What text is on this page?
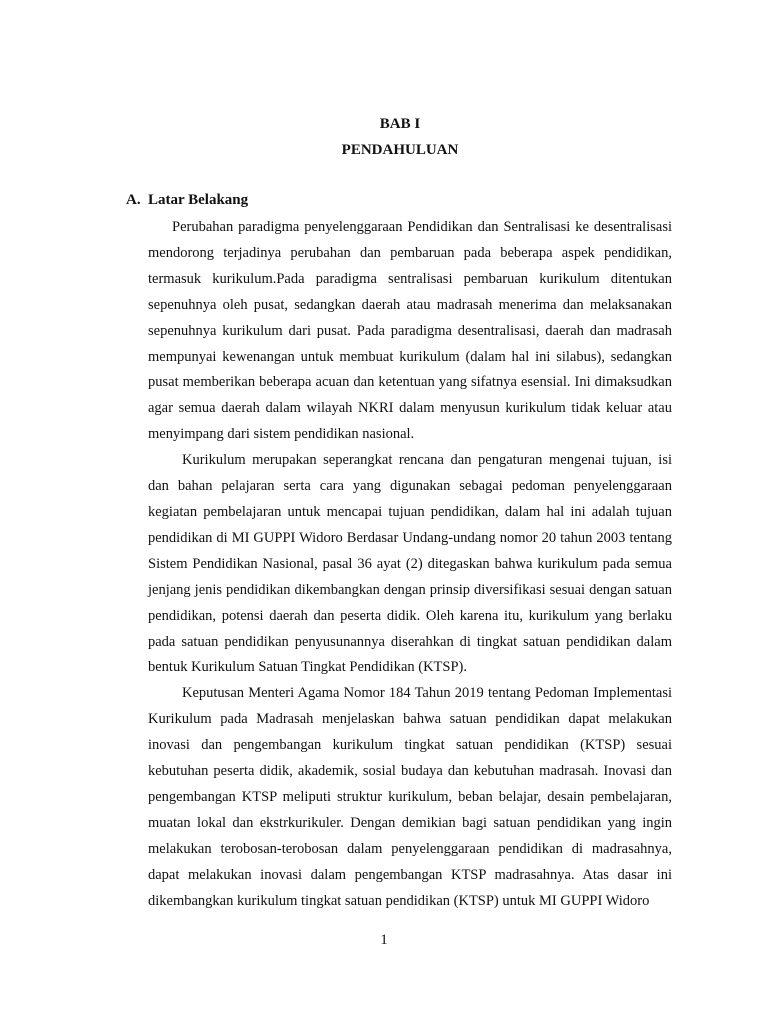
BAB I
PENDAHULUAN
A. Latar Belakang

Perubahan paradigma penyelenggaraan Pendidikan dan Sentralisasi ke desentralisasi mendorong terjadinya perubahan dan pembaruan pada beberapa aspek pendidikan, termasuk kurikulum.Pada paradigma sentralisasi pembaruan kurikulum ditentukan sepenuhnya oleh pusat, sedangkan daerah atau madrasah menerima dan melaksanakan sepenuhnya kurikulum dari pusat. Pada paradigma desentralisasi, daerah dan madrasah mempunyai kewenangan untuk membuat kurikulum (dalam hal ini silabus), sedangkan pusat memberikan beberapa acuan dan ketentuan yang sifatnya esensial. Ini dimaksudkan agar semua daerah dalam wilayah NKRI dalam menyusun kurikulum tidak keluar atau menyimpang dari sistem pendidikan nasional.

Kurikulum merupakan seperangkat rencana dan pengaturan mengenai tujuan, isi dan bahan pelajaran serta cara yang digunakan sebagai pedoman penyelenggaraan kegiatan pembelajaran untuk mencapai tujuan pendidikan, dalam hal ini adalah tujuan pendidikan di MI GUPPI Widoro Berdasar Undang-undang nomor 20 tahun 2003 tentang Sistem Pendidikan Nasional, pasal 36 ayat (2) ditegaskan bahwa kurikulum pada semua jenjang jenis pendidikan dikembangkan dengan prinsip diversifikasi sesuai dengan satuan pendidikan, potensi daerah dan peserta didik. Oleh karena itu, kurikulum yang berlaku pada satuan pendidikan penyusunannya diserahkan di tingkat satuan pendidikan dalam bentuk Kurikulum Satuan Tingkat Pendidikan (KTSP).

Keputusan Menteri Agama Nomor 184 Tahun 2019 tentang Pedoman Implementasi Kurikulum pada Madrasah menjelaskan bahwa satuan pendidikan dapat melakukan inovasi dan pengembangan kurikulum tingkat satuan pendidikan (KTSP) sesuai kebutuhan peserta didik, akademik, sosial budaya dan kebutuhan madrasah. Inovasi dan pengembangan KTSP meliputi struktur kurikulum, beban belajar, desain pembelajaran, muatan lokal dan ekstrkurikuler. Dengan demikian bagi satuan pendidikan yang ingin melakukan terobosan-terobosan dalam penyelenggaraan pendidikan di madrasahnya, dapat melakukan inovasi dalam pengembangan KTSP madrasahnya. Atas dasar ini dikembangkan kurikulum tingkat satuan pendidikan (KTSP) untuk MI GUPPI Widoro

1
